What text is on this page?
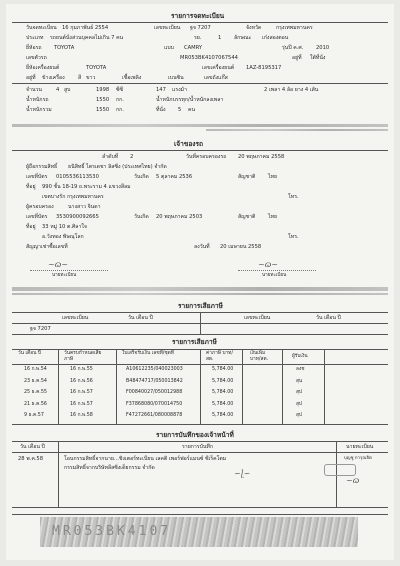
รายการจดทะเบียน
วันจดทะเบียน 16 กุมภาพันธ์ 2554	เลขทะเบียน ฐจ 7207	จังหวัด	กรุงเทพมหานคร
ประเภท รถยนต์นั่งส่วนบุคคลไม่เกิน 7 คน	รย.	1 ลักษณะ เก๋งสองตอน
ยี่ห้อรถ TOYOTA	แบบ CAMRY	รุ่นปี ค.ศ. 2010
เลขตัวรถ	MR053BK4107067544	อยู่ที่ ใต้ที่นั่ง
ยี่ห้อเครื่องยนต์	TOYOTA	เลขเครื่องยนต์ 1AZ-8195317
อยู่ที่ ข้างเครื่อง	สี ขาว	เชื้อเพลิง	เบนซิน	เลขถังแก๊ส
จำนวน	4 สูบ	1998 ซีซี	147 แรงม้า	2 เพลา 4 ล้อ ยาง 4 เส้น
น้ำหนักรถ	1550 กก.	น้ำหนักบรรทุก/น้ำหนักลงเพลา
น้ำหนักรวม	1550 กก.	ที่นั่ง 5 คน
เจ้าของรถ
ลำดับที่ 2	วันที่ครอบครองรถ 20 พฤษภาคม 2558
ผู้ถือกรรมสิทธิ์ ธนิสิทธิ์ ไตรเดชา ลิสซิ่ง (ประเทศไทย) จำกัด
เลขที่บัตร 0105536113530	วันเกิด 5 ตุลาคม 2536	สัญชาติ ไทย
ที่อยู่ 990 ชั้น 18-19 ถ.พระราม 4 แขวงสีลม
เขตบางรัก กรุงเทพมหานคร	โทร.
ผู้ครอบครอง	นางสาว จินดา
เลขที่บัตร 3530900092665	วันเกิด 20 พฤษภาคม 2503	สัญชาติ ไทย
ที่อยู่ 33 หมู่ 10 ต.ศิลาใจ
อ.วังทอง พิษณุโลก	โทร.
สัญญาเช่าซื้อเลขที่	ลงวันที่ 20 เมษายน 2558
~ɷ~
นายทะเบียน
~ɷ~
นายทะเบียน
รายการเสียภาษี
เลขทะเบียน	วัน เดือน ปี	เลขทะเบียน	วัน เดือน ปี
ฐจ 7207
รายการเสียภาษี
วัน เดือน ปี	วันครบกำหนดเสียภาษี
ใบเสร็จรับเงิน เลขที่/ชุดที่	ค่าภาษี บาท/สต.
เงินเพิ่ม บาท/สต.
ผู้รับเงิน
16 ก.พ.54	16 ก.พ.55	A10612235/040023003	5,784.00	ลงช
23 ธ.ค.54	16 ก.พ.56	B48474717/050013842	5,784.00	สุน
25 ธ.ค.55	16 ก.พ.57	F00840027/050012988	5,784.00	สุป
21 ธ.ค.56	16 ก.พ.57	F37868080/070014750	5,784.00	สุป
9 ธ.ค.57	16 ก.พ.58	F47272661/080008878	5,784.00	สุป
รายการบันทึกของเจ้าหน้าที่
วัน เดือน ปี	รายการบันทึก	นายทะเบียน
28 พ.ค.58	โอนกรรมสิทธิ์จากนาย...ชิงเตอร์ทะเบียน เลคติ เพอร์ฟอร์แมนซ์ ซีเร็คโตม
กรรมสิทธิ์จากบริษัทลีสซิ่งเด็ยกรรม จำกัด
บุญชู การุณจิต
∽ɭ∽
~ɷ
MR053BK4107
